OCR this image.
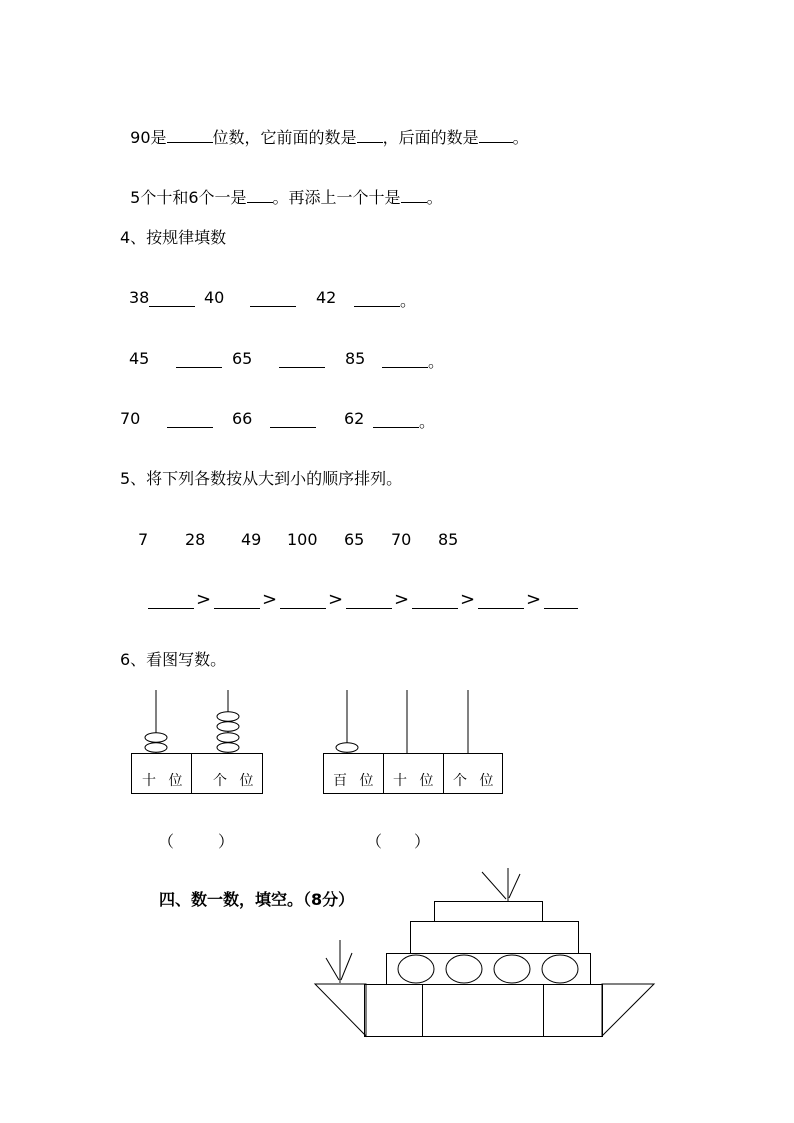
90是	位数，它前面的数是 ，后面的数是 。

5个十和6个一是 。再添上一个十是 。

4、按规律填数
38	40	42	。
45	65	85	。
70	66	62	。
5、将下列各数按从大到小的顺序排列。
7 28 49 100 65 70 85
>	>	>	>	>	>
6、看图写数。
十 位 个 位	百 位 十 位 个 位
（	）	（ ）
四、数一数，填空。（8分）
